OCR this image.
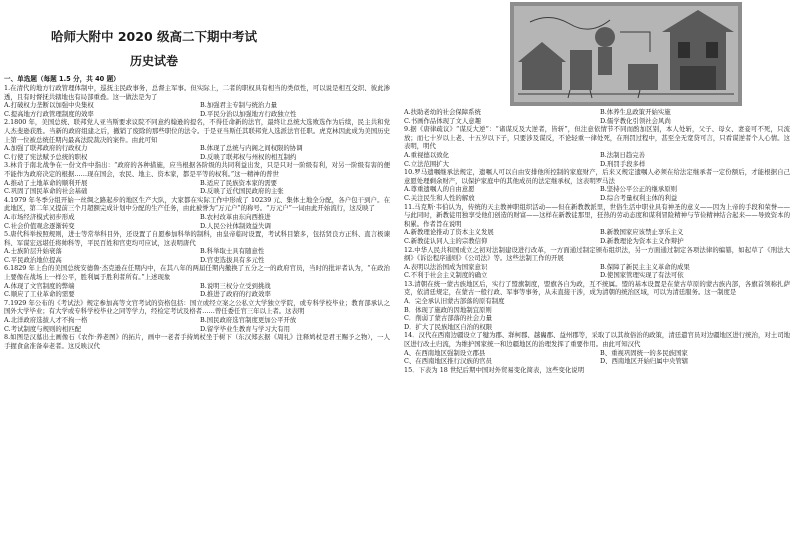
哈师大附中 2020 级高二下期中考试
历史试卷
一、单选题（每题 1.5 分，共 40 题）

1.在清代的地方行政管理体制中，巡抚主民政事务，总督主军事。但实际上，二者的职权具有相当的类似性，可以说是相互交织、彼此渗透，且有时督抚共辖地也有局部重叠。这一做法是为了

A.打破权力垄断以加强中央集权	B.加强君主专制与统治力量
C.提高地方行政管理制度的效率	D.平民分治以加强地方行政独立性

2.1800 年，美国总统、联邦党人亚当斯要求议院不同意约翰逊的提名，不得任命新的法官，最终让总统大选败选作为后续，民主共和党人杰斐逊获胜。当新的政府组建之后，撤销了废除的那些职位的法令。于是亚当斯任其联邦党人选派法官任职。虎克林因此成为美国历史上第一位被总统任期内最高法院裁决的案件。由此可知

A.加强了联邦政府的行政权力	B.体现了总统与内阁之间权限的协调
C.行使了宪法赋予总统的职权	D.反映了联邦权与州权的相互制约

3.林肯于南北战争在一份文件中指出：“政府的各种措施，应当根据各阶级的共同利益出发，只是只对一阶级有利，对另一阶级有害的便不能作为政府决定的根据……现在国会，农民、地主、资本家，都是平等的权利。”这一精神的普世

A.推动了土地革命的顺利开展	B.适应了民族资本家的需要
C.巩固了国民革命的社会基础	D.反映了近代国民政府的主张

4.1979 年冬季分组开始一丝绸之路起步的地区生产大队，大家都在实际工作中形成了 10239 元、集体土地全分配，各户包干到户。在此地区，第二年又提前三个月超额完成计划中分配的生产任务，由此被誉为“万元户”的称号。“万元户”一词由此开始流行，这反映了

A.市场经济模式初步形成	B.农村改革由东向西推进
C.社会价值观念逐渐转变	D.人民公社体制效益失调

5.唐代科举按照规则，进士等常举科目外，还设置了自愿参加科举的制科，由皇帝临时设置，考试科目繁多，包括贤良方正科、直言极谏科、军谋宏远堪任将帅科等，平民百姓和官吏均可应试，这表明唐代

A.士族阶层升始衰落	B.科举取士具有随意性
C.平民政治地位提高	D.官吏选拔具有多元性

6.1829 年上台的美国总统安德鲁·杰克逊在任期内中，在其八年的两届任期内撤换了五分之一的政府官员，当时的批评者认为，“在政治上要像在战场上一样公平，胜利属于胜利者所有。”上述现象

A.体现了文官制度的弊端	B.说明三权分立受到挑战
C.顺应了工业革命的需要	D.推进了政府的行政效率

7.1929 年公布的《考试法》规定参加高等文官考试的资格包括：国立或经立案之公私立大学独立学院，或专科学校毕业；教育部承认之国外大学毕业；有大学或专科学校毕业之同等学力，经检定考试及格者……曾任委任官三年以上者。这表明

A.北洋政府选拔人才不拘一格	B.国民政府选官制度更加公平开放
C.考试制度与规则的相匹配	D.留学毕业生教育与学习大有用

8.如图是汉墓出土画像石《农作·养老图》的拓片，画中一老者手持鸠杖坐于树下（东汉郑玄据《周礼》注释鸠杖是君王赐予之物），一人手握食盒准备奉老者。这反映汉代

A.扶助老幼的社会保障系统	B.体养生息政策开始实施
C.书画作品体现了文人意趣	D.儒学教化引领社会风尚

9.据《唐律疏议》“谋反大逆”：“诸谋反及大逆者，皆斩”，但注意依情节不同而酌加区别，本人处斩，父子、母女、妻妾可不死，只流放；而七十岁以上老、十五岁以下子，只要涉及谋反，不论轻重一律处死，在刑罚过程中，甚至全无宽贷可言，只看谋逆者个人心情。这表明，明代

A.重视德以致化	B.法制日趋完善
C.立法范围扩大	D.刑罚手段多样

10.罗马遗嘱继承法规定，遗嘱人可以自由安排他所控制的家庭财产，后来又规定遗嘱人必须在给法定继承者一定份额后，才能根据自己意愿处理剩余财产，以保护家庭中的其他成员的法定继承权，这表明罗马法

A.尊重遗嘱人的自由意愿	B.坚持公平公正的继承原则
C.关注民生和人性的解放	D.综合考量权利主体的利益

11.马克斯·韦伯认为，传统的天主教神职组织活动——但在新教教派里，世俗生活中职业具有神圣的意义——因为上帝的手段和荣誉——与此同时，新教徒用独享受他们创造的财富——这样在新教徒那里，狂热的劳动态度和谋利冒险精神与节俭精神结合起来——导致资本的积累。作者旨在说明

A.新教理论推动了资本主义发展	B.新教国家应该禁止享乐主义
C.新教徒认同人主的宗教信仰	D.新教理论为资本主义作辩护

12.中华人民共和国成立之初对法制建设进行改革，一方面通过制定颁布组织法，另一方面通过制定各项法律的编纂，如起草了《刑法大纲》《诉讼程序通则》《公司法》等。这些法制工作的开展

A.表明以法治国成为国家意识	B.保障了新民主主义革命的成果
C.不利于社会主义制度的确立	D.使国家管理实现了有法可依

13.清朝在统一蒙古族地区后，实行了盟旗制度，盟旗各自为政，互不统属。盟的基本设置是在蒙古草原的蒙古族内部，各旗首领称扎萨克，依清廷规定，在蒙古一般行政、军事等事务，从未直接干涉，成为清朝的统治区域，可以为清廷服务。这一制度是

A．完全承认旧蒙古部落的原有制度
B．体现了施政的因地制宜原则
C．削弱了蒙古部落的社会力量
D．扩大了民族地区自治的权限

14．汉代在西南边疆设立了犍为郡、牂柯郡、越巂郡、益州郡等，采取了以其故俗治的政策，清廷遣官员对边疆地区进行统治，对土司地区进行改土归流，为维护国家统一和边疆地区的治理发挥了重要作用。由此可知汉代

A、在西南地区强制设立郡县	B、重视巩固统一的多民族国家
C、在西南地区推行汉族的官员	D、西南地区开始归属中央管辖

15．下表为 18 世纪后期中国对外贸易变化简表，这些变化说明
